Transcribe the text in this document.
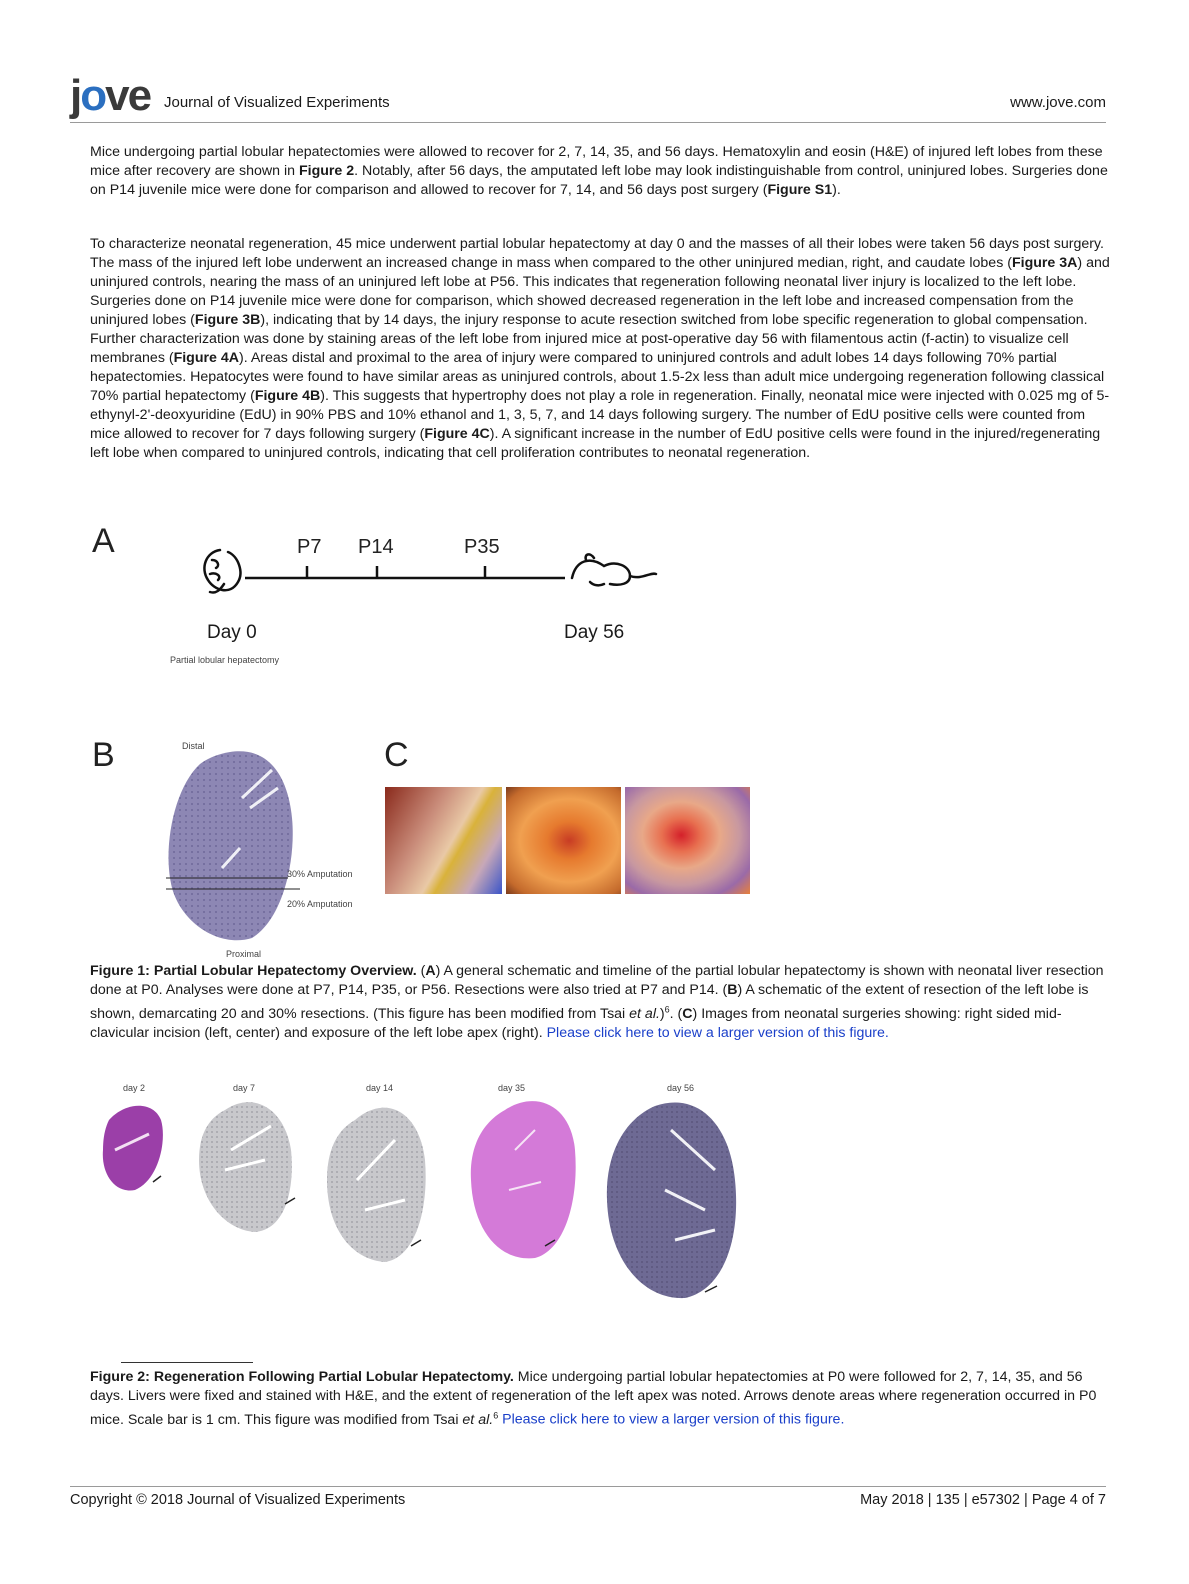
jove Journal of Visualized Experiments	www.jove.com

Mice undergoing partial lobular hepatectomies were allowed to recover for 2, 7, 14, 35, and 56 days. Hematoxylin and eosin (H&E) of injured left lobes from these mice after recovery are shown in Figure 2. Notably, after 56 days, the amputated left lobe may look indistinguishable from control, uninjured lobes. Surgeries done on P14 juvenile mice were done for comparison and allowed to recover for 7, 14, and 56 days post surgery (Figure S1).

To characterize neonatal regeneration, 45 mice underwent partial lobular hepatectomy at day 0 and the masses of all their lobes were taken 56 days post surgery. The mass of the injured left lobe underwent an increased change in mass when compared to the other uninjured median, right, and caudate lobes (Figure 3A) and uninjured controls, nearing the mass of an uninjured left lobe at P56. This indicates that regeneration following neonatal liver injury is localized to the left lobe. Surgeries done on P14 juvenile mice were done for comparison, which showed decreased regeneration in the left lobe and increased compensation from the uninjured lobes (Figure 3B), indicating that by 14 days, the injury response to acute resection switched from lobe specific regeneration to global compensation. Further characterization was done by staining areas of the left lobe from injured mice at post-operative day 56 with filamentous actin (f-actin) to visualize cell membranes (Figure 4A). Areas distal and proximal to the area of injury were compared to uninjured controls and adult lobes 14 days following 70% partial hepatectomies. Hepatocytes were found to have similar areas as uninjured controls, about 1.5-2x less than adult mice undergoing regeneration following classical 70% partial hepatectomy (Figure 4B). This suggests that hypertrophy does not play a role in regeneration. Finally, neonatal mice were injected with 0.025 mg of 5-ethynyl-2'-deoxyuridine (EdU) in 90% PBS and 10% ethanol and 1, 3, 5, 7, and 14 days following surgery. The number of EdU positive cells were counted from mice allowed to recover for 7 days following surgery (Figure 4C). A significant increase in the number of EdU positive cells were found in the injured/regenerating left lobe when compared to uninjured controls, indicating that cell proliferation contributes to neonatal regeneration.

A	P7 P14	P35
Day 0	Day 56
Partial lobular hepatectomy
B	Distal
30% Amputation
20% Amputation
Proximal
C

Figure 1: Partial Lobular Hepatectomy Overview. (A) A general schematic and timeline of the partial lobular hepatectomy is shown with neonatal liver resection done at P0. Analyses were done at P7, P14, P35, or P56. Resections were also tried at P7 and P14. (B) A schematic of the extent of resection of the left lobe is shown, demarcating 20 and 30% resections. (This figure has been modified from Tsai et al.)$^6$. (C) Images from neonatal surgeries showing: right sided mid-clavicular incision (left, center) and exposure of the left lobe apex (right). Please click here to view a larger version of this figure.

day 2	day 7	day 14	day 35	day 56

Figure 2: Regeneration Following Partial Lobular Hepatectomy. Mice undergoing partial lobular hepatectomies at P0 were followed for 2, 7, 14, 35, and 56 days. Livers were fixed and stained with H&E, and the extent of regeneration of the left apex was noted. Arrows denote areas where regeneration occurred in P0 mice. Scale bar is 1 cm. This figure was modified from Tsai et al.$^6$ Please click here to view a larger version of this figure.

Copyright © 2018 Journal of Visualized Experiments	May 2018 | 135 | e57302 | Page 4 of 7
